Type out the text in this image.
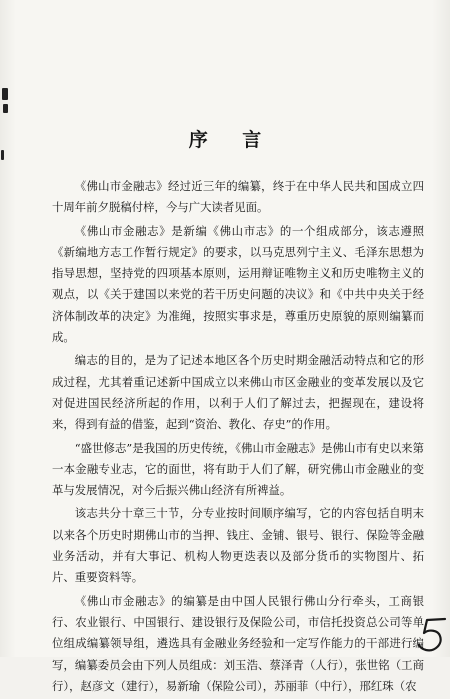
序 言

《佛山市金融志》经过近三年的编纂，终于在中华人民共和国成立四十周年前夕脱稿付梓，今与广大读者见面。

《佛山市金融志》是新编《佛山市志》的一个组成部分，该志遵照《新编地方志工作暂行规定》的要求，以马克思列宁主义、毛泽东思想为指导思想，坚持党的四项基本原则，运用辩证唯物主义和历史唯物主义的观点，以《关于建国以来党的若干历史问题的决议》和《中共中央关于经济体制改革的决定》为准绳，按照实事求是，尊重历史原貌的原则编纂而成。

编志的目的，是为了记述本地区各个历史时期金融活动特点和它的形成过程，尤其着重记述新中国成立以来佛山市区金融业的变革发展以及它对促进国民经济所起的作用，以利于人们了解过去，把握现在，建设将来，得到有益的借鉴，起到“资治、教化、存史”的作用。

“盛世修志”是我国的历史传统，《佛山市金融志》是佛山市有史以来第一本金融专业志，它的面世，将有助于人们了解，研究佛山市金融业的变革与发展情况，对今后振兴佛山经济有所裨益。

该志共分十章三十节，分专业按时间顺序编写，它的内容包括自明末以来各个历史时期佛山市的当押、钱庄、金铺、银号、银行、保险等金融业务活动，并有大事记、机构人物更迭表以及部分货币的实物图片、拓片、重要资料等。

《佛山市金融志》的编纂是由中国人民银行佛山分行牵头，工商银行、农业银行、中国银行、建设银行及保险公司，市信托投资总公司等单位组成编纂领导组，遴选具有金融业务经验和一定写作能力的干部进行编写，编纂委员会由下列人员组成：刘玉浩、蔡泽青（人行），张世铭（工商行），赵彦文（建行），易新瑜（保险公司），苏丽菲（中行），邢红珠（农
